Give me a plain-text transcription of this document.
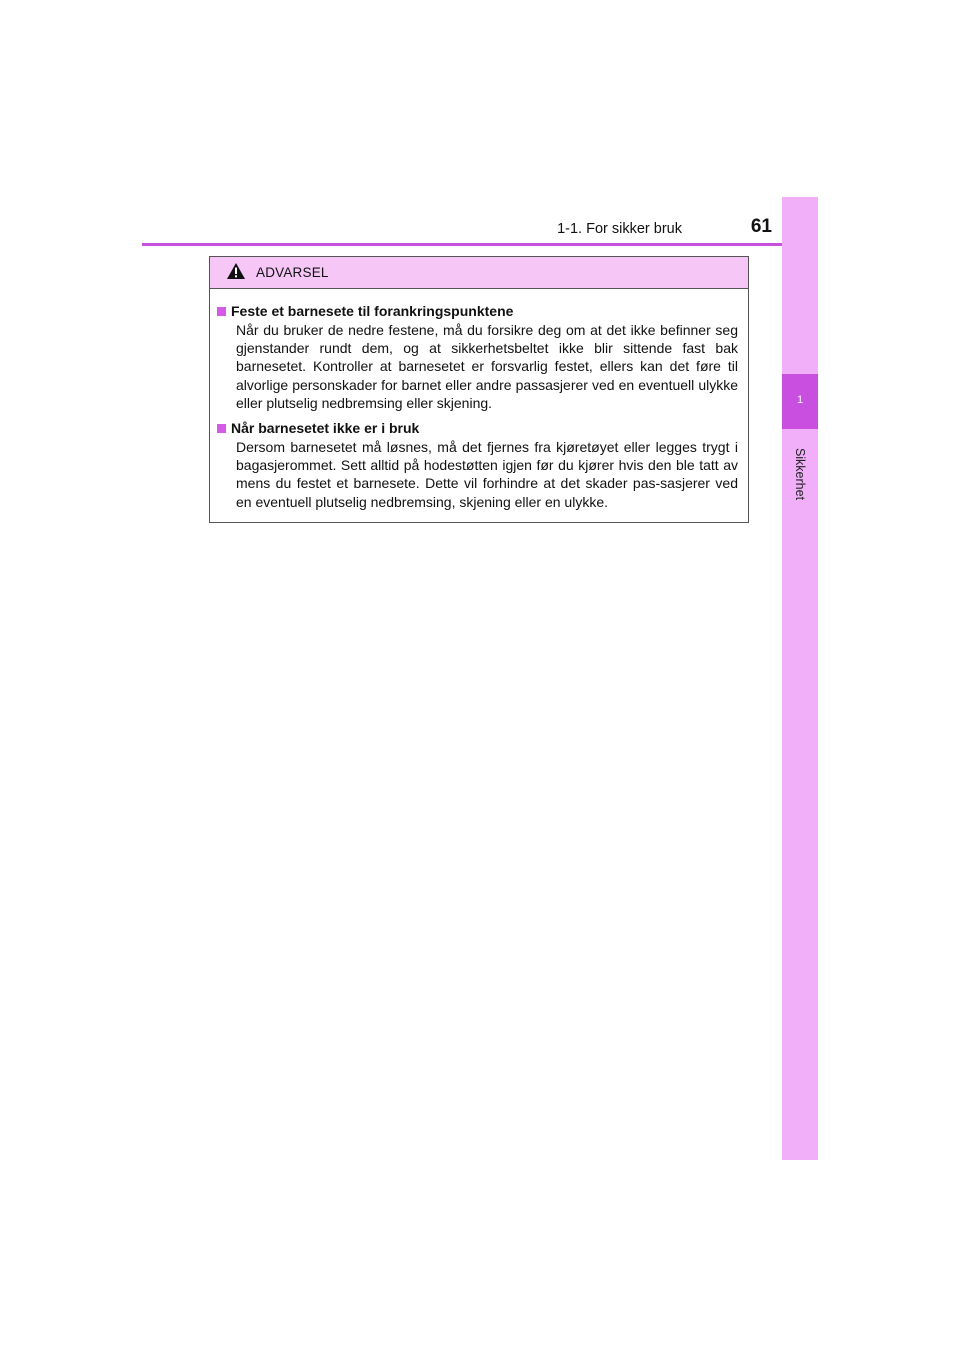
1-1. For sikker bruk	61
1
Sikkerhet
ADVARSEL
Feste et barnesete til forankringspunktene
Når du bruker de nedre festene, må du forsikre deg om at det ikke befinner seg gjenstander rundt dem, og at sikkerhetsbeltet ikke blir sittende fast bak barnesetet. Kontroller at barnesetet er forsvarlig festet, ellers kan det føre til alvorlige personskader for barnet eller andre passasjerer ved en eventuell ulykke eller plutselig nedbremsing eller skjening.
Når barnesetet ikke er i bruk
Dersom barnesetet må løsnes, må det fjernes fra kjøretøyet eller legges trygt i bagasjerommet. Sett alltid på hodestøtten igjen før du kjører hvis den ble tatt av mens du festet et barnesete. Dette vil forhindre at det skader pas-sasjerer ved en eventuell plutselig nedbremsing, skjening eller en ulykke.
